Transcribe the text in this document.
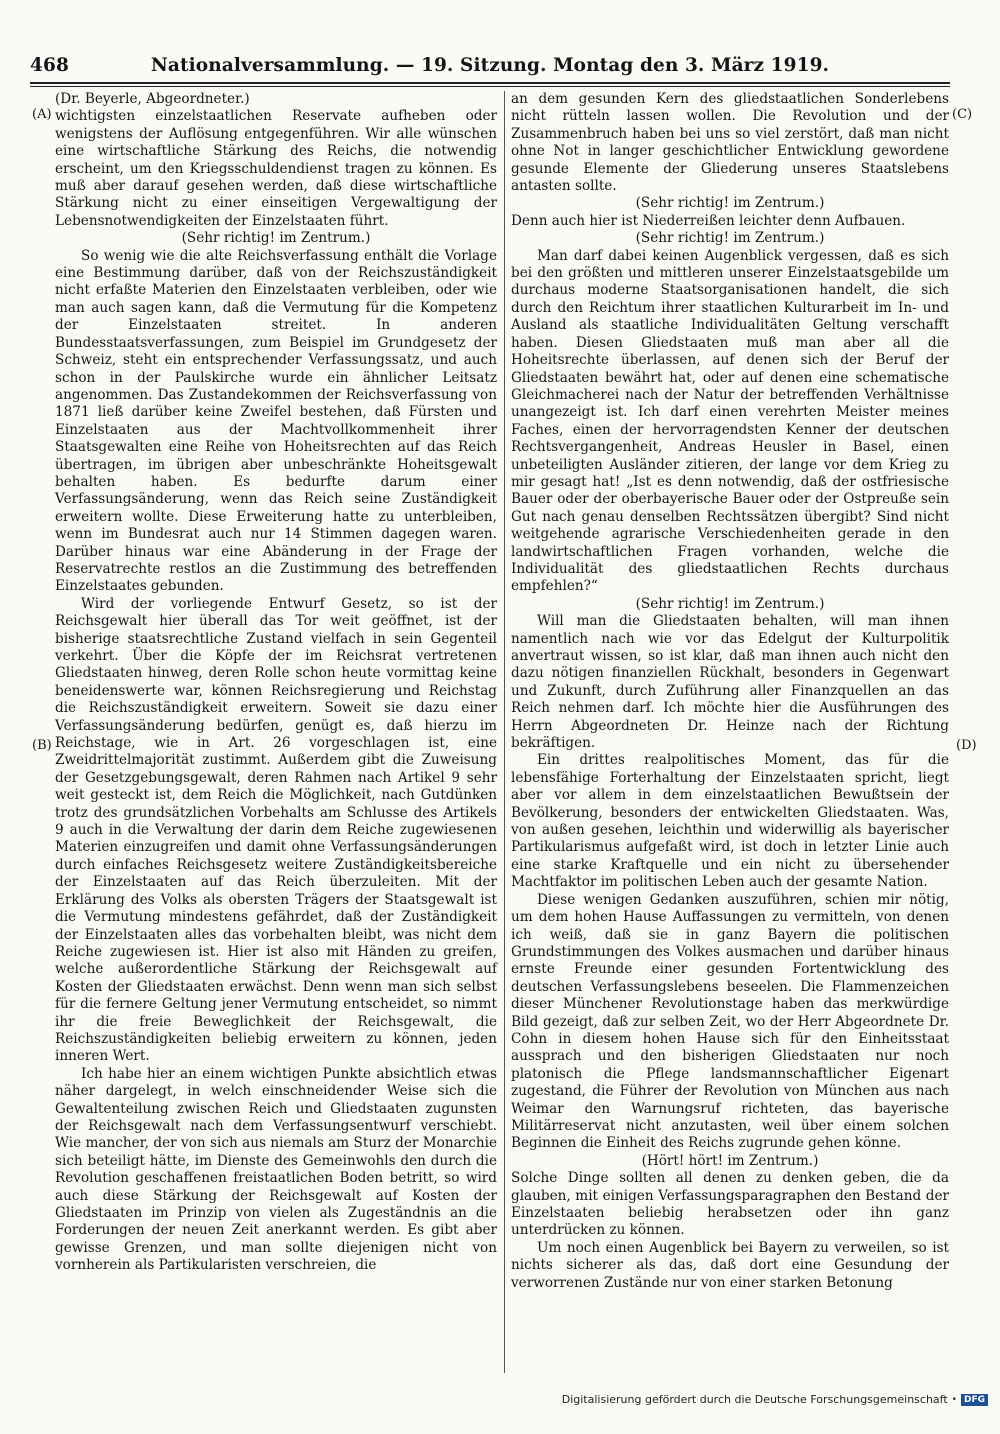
468	Nationalversammlung. — 19. Sitzung. Montag den 3. März 1919.
(A)
(B)
(C)
(D)

(Dr. Beyerle, Abgeordneter.)

wichtigsten einzelstaatlichen Reservate aufheben oder wenigstens der Auflösung entgegenführen. Wir alle wünschen eine wirtschaftliche Stärkung des Reichs, die notwendig erscheint, um den Kriegsschuldendienst tragen zu können. Es muß aber darauf gesehen werden, daß diese wirtschaftliche Stärkung nicht zu einer einseitigen Vergewaltigung der Lebensnotwendigkeiten der Einzelstaaten führt.

(Sehr richtig! im Zentrum.)

So wenig wie die alte Reichsverfassung enthält die Vorlage eine Bestimmung darüber, daß von der Reichszuständigkeit nicht erfaßte Materien den Einzelstaaten verbleiben, oder wie man auch sagen kann, daß die Vermutung für die Kompetenz der Einzelstaaten streitet. In anderen Bundesstaatsverfassungen, zum Beispiel im Grundgesetz der Schweiz, steht ein entsprechender Verfassungssatz, und auch schon in der Paulskirche wurde ein ähnlicher Leitsatz angenommen. Das Zustandekommen der Reichsverfassung von 1871 ließ darüber keine Zweifel bestehen, daß Fürsten und Einzelstaaten aus der Machtvollkommenheit ihrer Staatsgewalten eine Reihe von Hoheitsrechten auf das Reich übertragen, im übrigen aber unbeschränkte Hoheitsgewalt behalten haben. Es bedurfte darum einer Verfassungsänderung, wenn das Reich seine Zuständigkeit erweitern wollte. Diese Erweiterung hatte zu unterbleiben, wenn im Bundesrat auch nur 14 Stimmen dagegen waren. Darüber hinaus war eine Abänderung in der Frage der Reservatrechte restlos an die Zustimmung des betreffenden Einzelstaates gebunden.

Wird der vorliegende Entwurf Gesetz, so ist der Reichsgewalt hier überall das Tor weit geöffnet, ist der bisherige staatsrechtliche Zustand vielfach in sein Gegenteil verkehrt. Über die Köpfe der im Reichsrat vertretenen Gliedstaaten hinweg, deren Rolle schon heute vormittag keine beneidenswerte war, können Reichsregierung und Reichstag die Reichszuständigkeit erweitern. Soweit sie dazu einer Verfassungsänderung bedürfen, genügt es, daß hierzu im Reichstage, wie in Art. 26 vorgeschlagen ist, eine Zweidrittelmajorität zustimmt. Außerdem gibt die Zuweisung der Gesetzgebungsgewalt, deren Rahmen nach Artikel 9 sehr weit gesteckt ist, dem Reich die Möglichkeit, nach Gutdünken trotz des grundsätzlichen Vorbehalts am Schlusse des Artikels 9 auch in die Verwaltung der darin dem Reiche zugewiesenen Materien einzugreifen und damit ohne Verfassungsänderungen durch einfaches Reichsgesetz weitere Zuständigkeitsbereiche der Einzelstaaten auf das Reich überzuleiten. Mit der Erklärung des Volks als obersten Trägers der Staatsgewalt ist die Vermutung mindestens gefährdet, daß der Zuständigkeit der Einzelstaaten alles das vorbehalten bleibt, was nicht dem Reiche zugewiesen ist. Hier ist also mit Händen zu greifen, welche außerordentliche Stärkung der Reichsgewalt auf Kosten der Gliedstaaten erwächst. Denn wenn man sich selbst für die fernere Geltung jener Vermutung entscheidet, so nimmt ihr die freie Beweglichkeit der Reichsgewalt, die Reichszuständigkeiten beliebig erweitern zu können, jeden inneren Wert.

Ich habe hier an einem wichtigen Punkte absichtlich etwas näher dargelegt, in welch einschneidender Weise sich die Gewaltenteilung zwischen Reich und Gliedstaaten zugunsten der Reichsgewalt nach dem Verfassungsentwurf verschiebt. Wie mancher, der von sich aus niemals am Sturz der Monarchie sich beteiligt hätte, im Dienste des Gemeinwohls den durch die Revolution geschaffenen freistaatlichen Boden betritt, so wird auch diese Stärkung der Reichsgewalt auf Kosten der Gliedstaaten im Prinzip von vielen als Zugeständnis an die Forderungen der neuen Zeit anerkannt werden. Es gibt aber gewisse Grenzen, und man sollte diejenigen nicht von vornherein als Partikularisten verschreien, die

an dem gesunden Kern des gliedstaatlichen Sonderlebens nicht rütteln lassen wollen. Die Revolution und der Zusammenbruch haben bei uns so viel zerstört, daß man nicht ohne Not in langer geschichtlicher Entwicklung gewordene gesunde Elemente der Gliederung unseres Staatslebens antasten sollte.

(Sehr richtig! im Zentrum.)

Denn auch hier ist Niederreißen leichter denn Aufbauen.

(Sehr richtig! im Zentrum.)

Man darf dabei keinen Augenblick vergessen, daß es sich bei den größten und mittleren unserer Einzelstaatsgebilde um durchaus moderne Staatsorganisationen handelt, die sich durch den Reichtum ihrer staatlichen Kulturarbeit im In- und Ausland als staatliche Individualitäten Geltung verschafft haben. Diesen Gliedstaaten muß man aber all die Hoheitsrechte überlassen, auf denen sich der Beruf der Gliedstaaten bewährt hat, oder auf denen eine schematische Gleichmacherei nach der Natur der betreffenden Verhältnisse unangezeigt ist. Ich darf einen verehrten Meister meines Faches, einen der hervorragendsten Kenner der deutschen Rechtsvergangenheit, Andreas Heusler in Basel, einen unbeteiligten Ausländer zitieren, der lange vor dem Krieg zu mir gesagt hat! „Ist es denn notwendig, daß der ostfriesische Bauer oder der oberbayerische Bauer oder der Ostpreuße sein Gut nach genau denselben Rechtssätzen übergibt? Sind nicht weitgehende agrarische Verschiedenheiten gerade in den landwirtschaftlichen Fragen vorhanden, welche die Individualität des gliedstaatlichen Rechts durchaus empfehlen?“

(Sehr richtig! im Zentrum.)

Will man die Gliedstaaten behalten, will man ihnen namentlich nach wie vor das Edelgut der Kulturpolitik anvertraut wissen, so ist klar, daß man ihnen auch nicht den dazu nötigen finanziellen Rückhalt, besonders in Gegenwart und Zukunft, durch Zuführung aller Finanzquellen an das Reich nehmen darf. Ich möchte hier die Ausführungen des Herrn Abgeordneten Dr. Heinze nach der Richtung bekräftigen.

Ein drittes realpolitisches Moment, das für die lebensfähige Forterhaltung der Einzelstaaten spricht, liegt aber vor allem in dem einzelstaatlichen Bewußtsein der Bevölkerung, besonders der entwickelten Gliedstaaten. Was, von außen gesehen, leichthin und widerwillig als bayerischer Partikularismus aufgefaßt wird, ist doch in letzter Linie auch eine starke Kraftquelle und ein nicht zu übersehender Machtfaktor im politischen Leben auch der gesamte Nation.

Diese wenigen Gedanken auszuführen, schien mir nötig, um dem hohen Hause Auffassungen zu vermitteln, von denen ich weiß, daß sie in ganz Bayern die politischen Grundstimmungen des Volkes ausmachen und darüber hinaus ernste Freunde einer gesunden Fortentwicklung des deutschen Verfassungslebens beseelen. Die Flammenzeichen dieser Münchener Revolutionstage haben das merkwürdige Bild gezeigt, daß zur selben Zeit, wo der Herr Abgeordnete Dr. Cohn in diesem hohen Hause sich für den Einheitsstaat aussprach und den bisherigen Gliedstaaten nur noch platonisch die Pflege landsmannschaftlicher Eigenart zugestand, die Führer der Revolution von München aus nach Weimar den Warnungsruf richteten, das bayerische Militärreservat nicht anzutasten, weil über einem solchen Beginnen die Einheit des Reichs zugrunde gehen könne.

(Hört! hört! im Zentrum.)

Solche Dinge sollten all denen zu denken geben, die da glauben, mit einigen Verfassungsparagraphen den Bestand der Einzelstaaten beliebig herabsetzen oder ihn ganz unterdrücken zu können.

Um noch einen Augenblick bei Bayern zu verweilen, so ist nichts sicherer als das, daß dort eine Gesundung der verworrenen Zustände nur von einer starken Betonung

Digitalisierung gefördert durch die Deutsche Forschungsgemeinschaft • DFG
